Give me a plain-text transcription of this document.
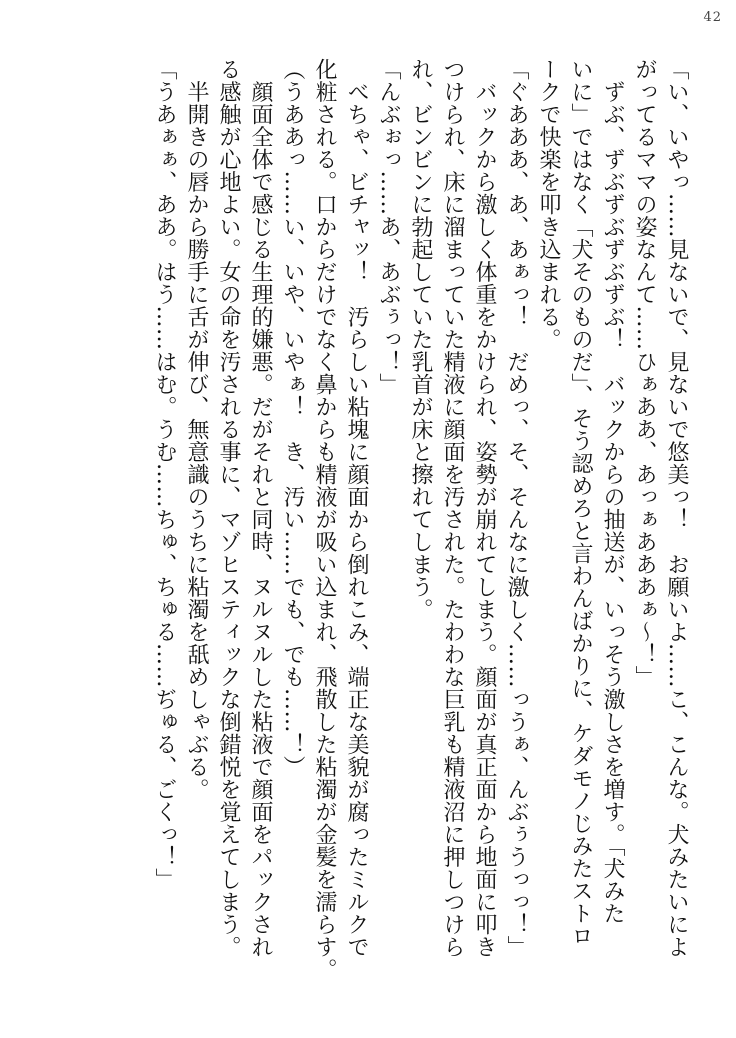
42
「い、いやっ……見ないで、見ないで悠美っ！　お願いよ……こ、こんな。犬みたいによ
がってるママの姿なんて……ひぁああ、あっぁあああぁ～！」
　ずぶ、ずぶずぶずぶずぶ！　バックからの抽送が、いっそう激しさを増す。「犬みた
いに」ではなく「犬そのものだ」、そう認めろと言わんばかりに、ケダモノじみたストロ
ークで快楽を叩き込まれる。
「ぐあああ、あ、あぁっ！　だめっ、そ、そんなに激しく……っうぁ、んぶぅうっっ！」
　バックから激しく体重をかけられ、姿勢が崩れてしまう。顔面が真正面から地面に叩き
つけられ、床に溜まっていた精液に顔面を汚された。たわわな巨乳も精液沼に押しつけら
れ、ビンビンに勃起していた乳首が床と擦れてしまう。
「んぶぉっ……あ、あぶぅっ！」
　べちゃ、ビチャッ！　汚らしい粘塊に顔面から倒れこみ、端正な美貌が腐ったミルクで
化粧される。口からだけでなく鼻からも精液が吸い込まれ、飛散した粘濁が金髪を濡らす。
（うああっ……い、いや、いやぁ！　き、汚い……でも、でも……！）
　顔面全体で感じる生理的嫌悪。だがそれと同時、ヌルヌルした粘液で顔面をパックされ
る感触が心地よい。女の命を汚される事に、マゾヒスティックな倒錯悦を覚えてしまう。
　半開きの唇から勝手に舌が伸び、無意識のうちに粘濁を舐めしゃぶる。
「うあぁぁ、ああ。はう……はむ。うむ……ちゅ、ちゅる……ぢゅる、ごくっ！」
